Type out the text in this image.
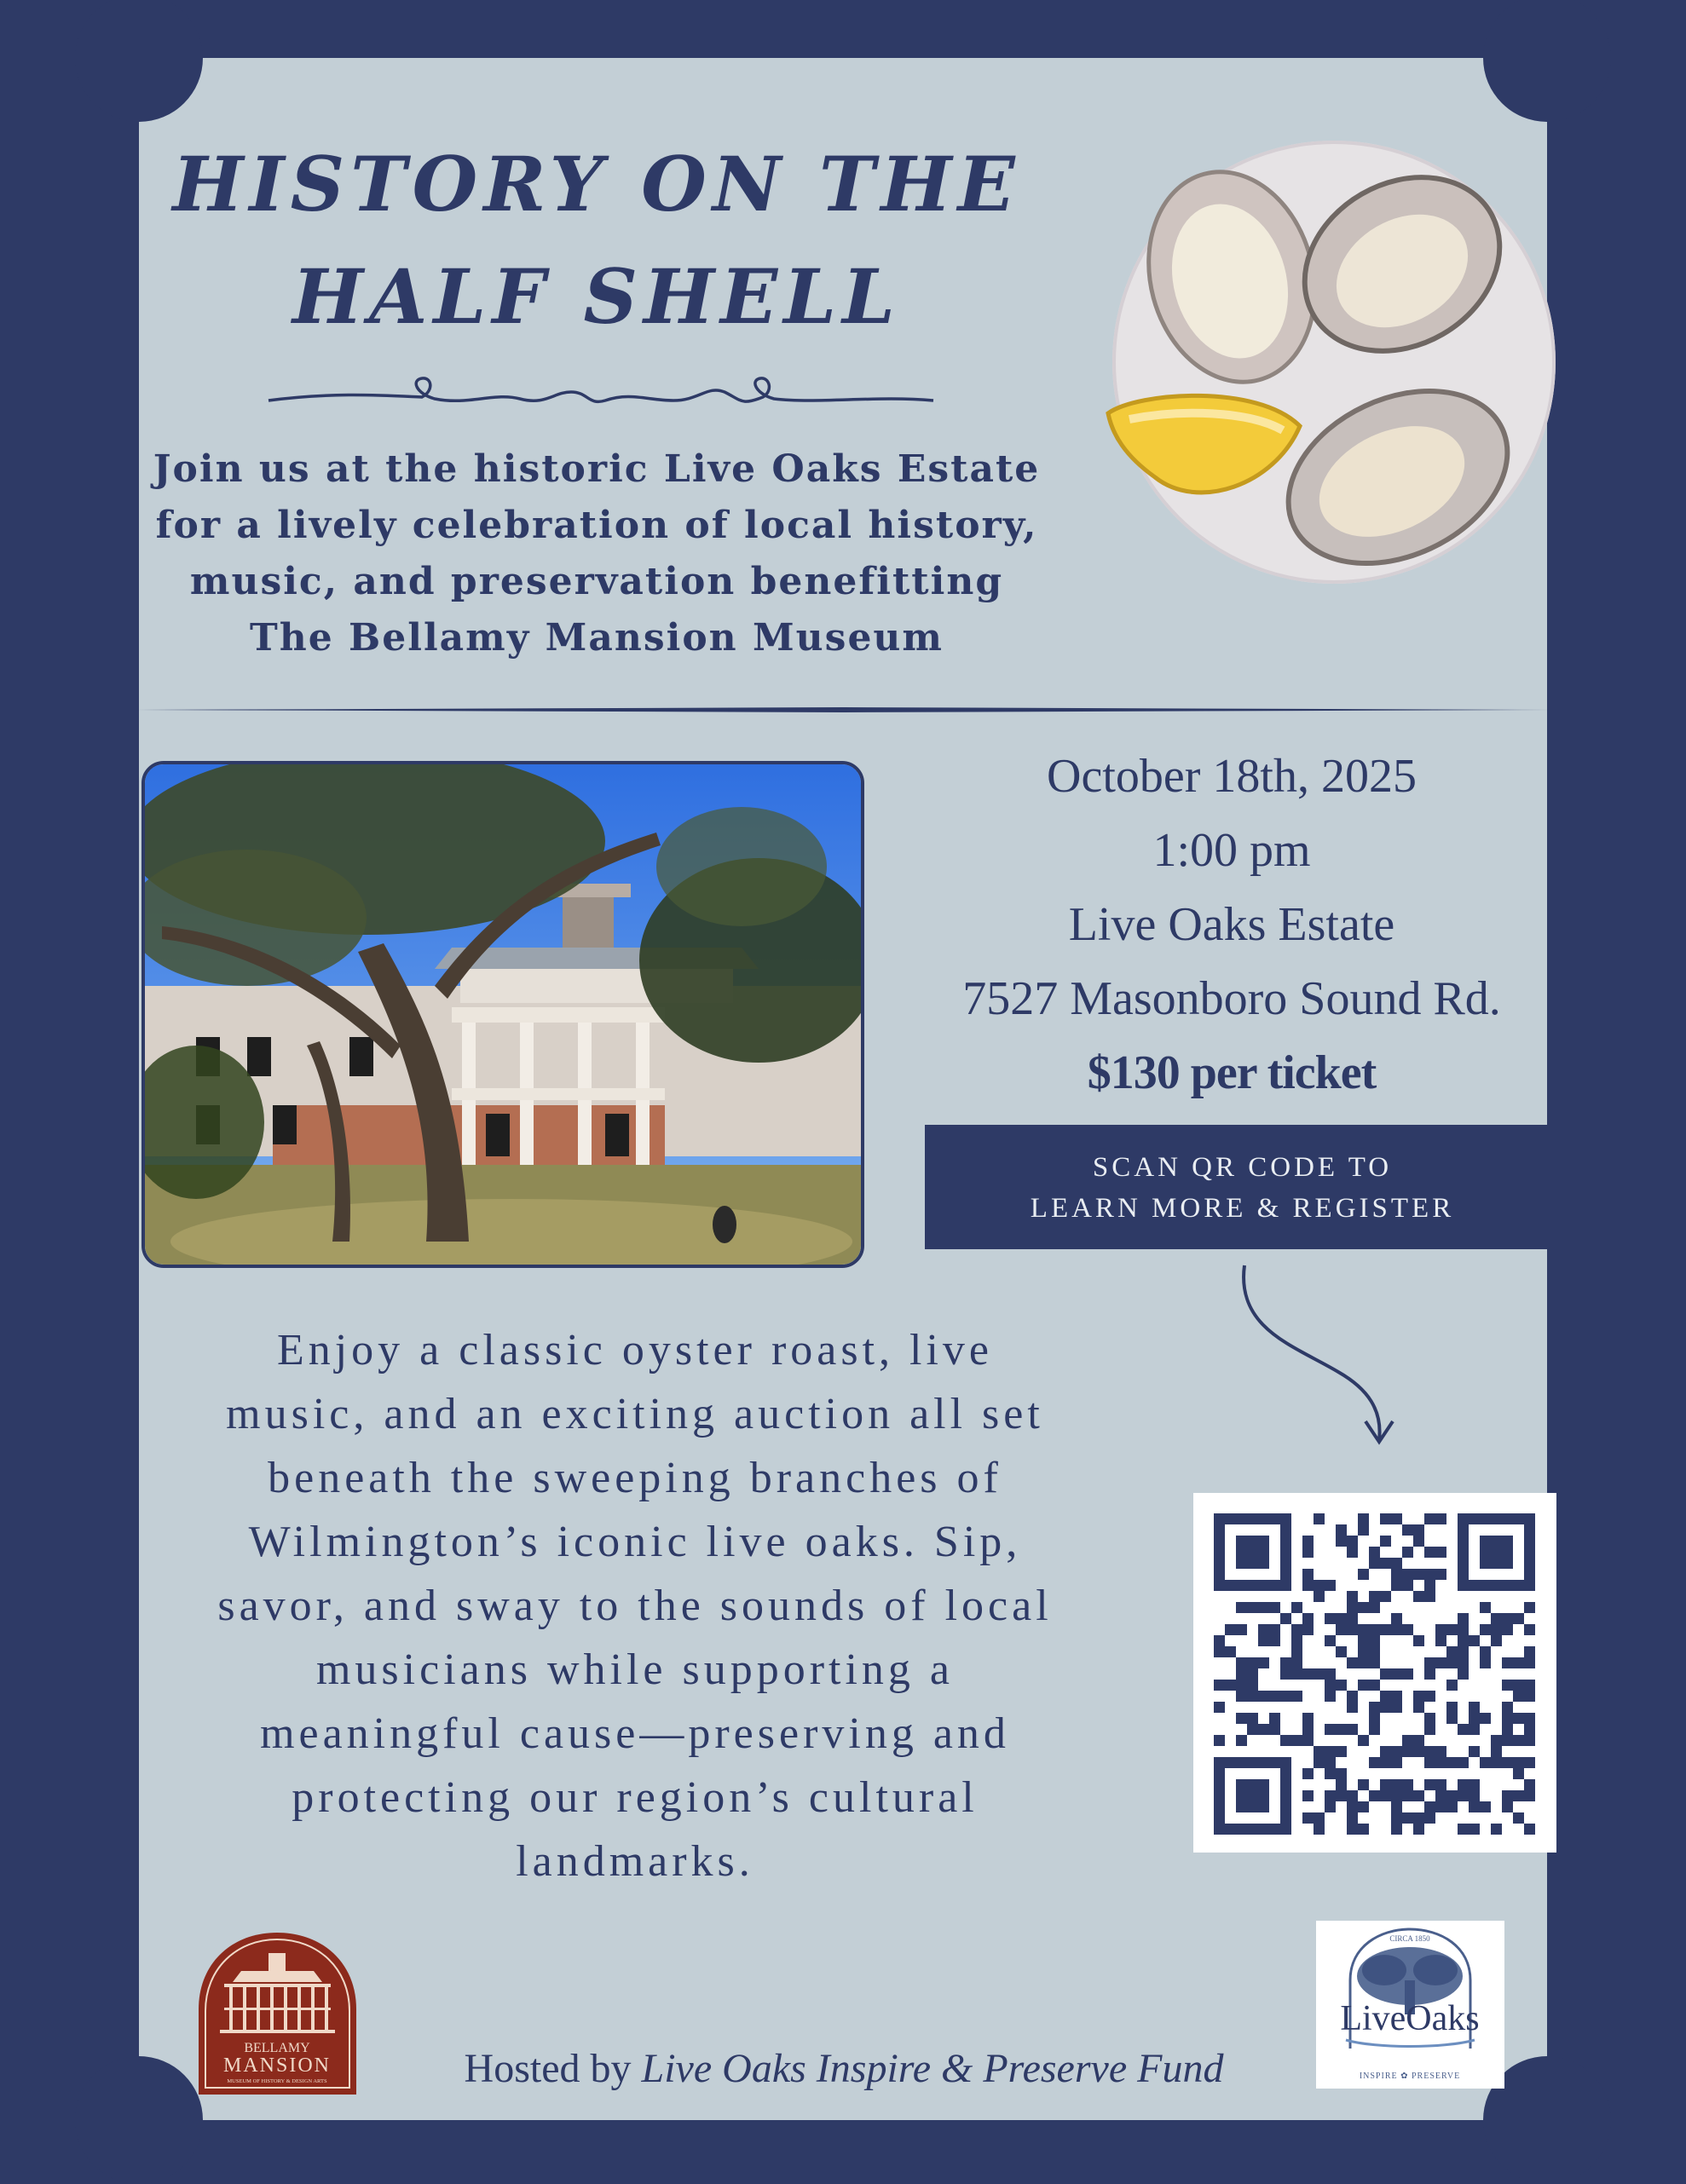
HISTORY ON THE
HALF SHELL
Join us at the historic Live Oaks Estate
for a lively celebration of local history,
music, and preservation benefitting
The Bellamy Mansion Museum
October 18th, 2025
1:00 pm
Live Oaks Estate
7527 Masonboro Sound Rd.
$130 per ticket
SCAN QR CODE TO
LEARN MORE & REGISTER
Enjoy a classic oyster roast, live
music, and an exciting auction all set
beneath the sweeping branches of
Wilmington’s iconic live oaks. Sip,
savor, and sway to the sounds of local
musicians while supporting a
meaningful cause—preserving and
protecting our region’s cultural
landmarks.
BELLAMY
MANSION
MUSEUM OF HISTORY & DESIGN ARTS
CIRCA 1850
LiveOaks
INSPIRE ✿ PRESERVE
Hosted by Live Oaks Inspire & Preserve Fund
